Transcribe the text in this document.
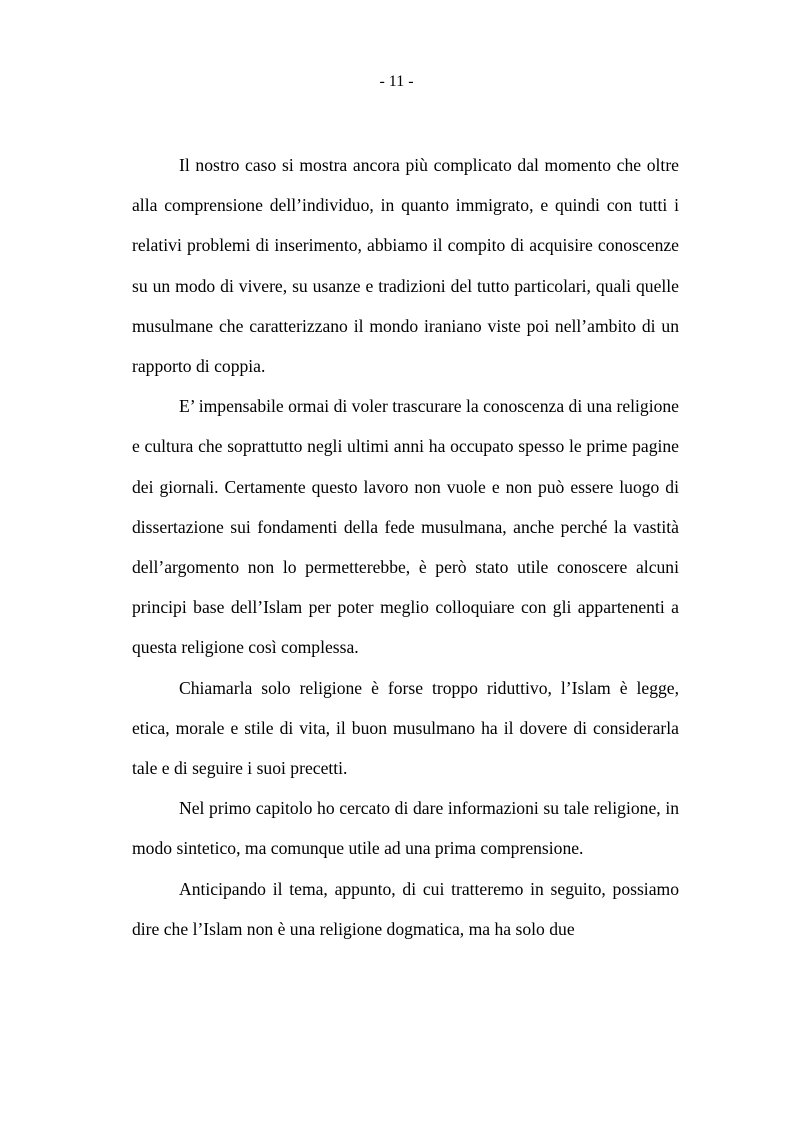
- 11 -

Il nostro caso si mostra ancora più complicato dal momento che oltre alla comprensione dell’individuo, in quanto immigrato, e quindi con tutti i relativi problemi di inserimento, abbiamo il compito di acquisire conoscenze su un modo di vivere, su usanze e tradizioni del tutto particolari, quali quelle musulmane che caratterizzano il mondo iraniano viste poi nell’ambito di un rapporto di coppia.

E’ impensabile ormai di voler trascurare la conoscenza di una religione e cultura che soprattutto negli ultimi anni ha occupato spesso le prime pagine dei giornali. Certamente questo lavoro non vuole e non può essere luogo di dissertazione sui fondamenti della fede musulmana, anche perché la vastità dell’argomento non lo permetterebbe, è però stato utile conoscere alcuni principi base dell’Islam per poter meglio colloquiare con gli appartenenti a questa religione così complessa.

Chiamarla solo religione è forse troppo riduttivo, l’Islam è legge, etica, morale e stile di vita, il buon musulmano ha il dovere di considerarla tale e di seguire i suoi precetti.

Nel primo capitolo ho cercato di dare informazioni su tale religione, in modo sintetico, ma comunque utile ad una prima comprensione.

Anticipando il tema, appunto, di cui tratteremo in seguito, possiamo dire che l’Islam non è una religione dogmatica, ma ha solo due
